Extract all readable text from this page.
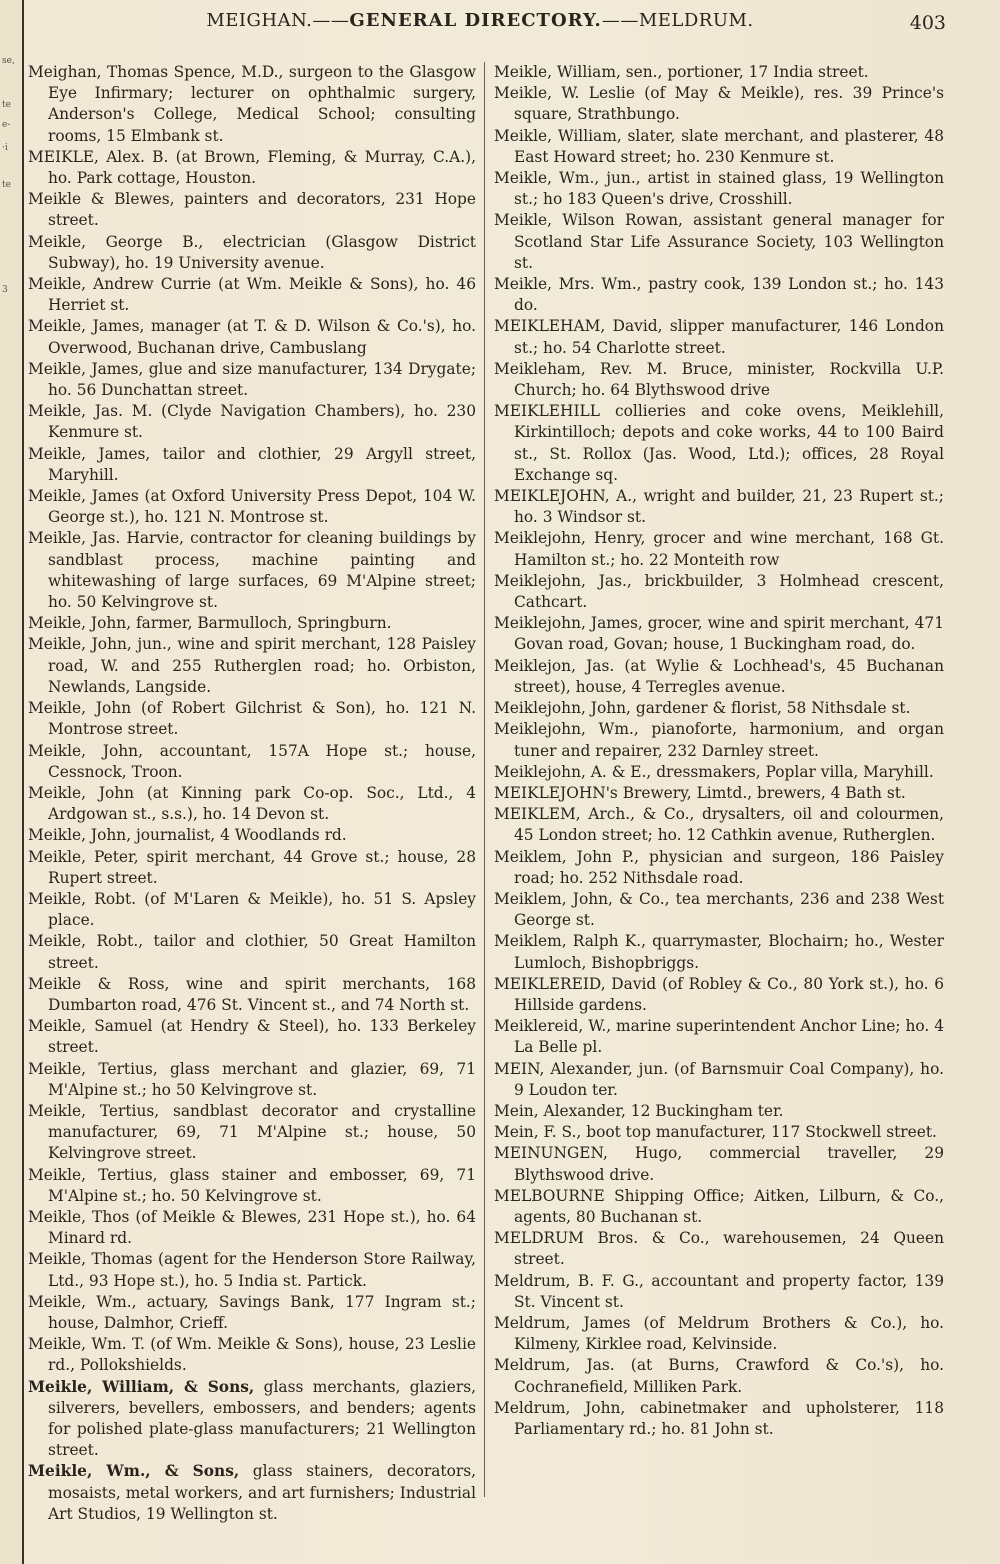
se,
te
e-
·i
te
3
MEIGHAN.——GENERAL DIRECTORY.——MELDRUM.	403

Meighan, Thomas Spence, M.D., surgeon to the Glasgow Eye Infirmary; lecturer on ophthalmic surgery, Anderson's College, Medical School; consulting rooms, 15 Elmbank st.

MEIKLE, Alex. B. (at Brown, Fleming, & Murray, C.A.), ho. Park cottage, Houston.

Meikle & Blewes, painters and decorators, 231 Hope street.

Meikle, George B., electrician (Glasgow District Subway), ho. 19 University avenue.

Meikle, Andrew Currie (at Wm. Meikle & Sons), ho. 46 Herriet st.

Meikle, James, manager (at T. & D. Wilson & Co.'s), ho. Overwood, Buchanan drive, Cambuslang

Meikle, James, glue and size manufacturer, 134 Drygate; ho. 56 Dunchattan street.

Meikle, Jas. M. (Clyde Navigation Chambers), ho. 230 Kenmure st.

Meikle, James, tailor and clothier, 29 Argyll street, Maryhill.

Meikle, James (at Oxford University Press Depot, 104 W. George st.), ho. 121 N. Montrose st.

Meikle, Jas. Harvie, contractor for cleaning buildings by sandblast process, machine painting and whitewashing of large surfaces, 69 M'Alpine street; ho. 50 Kelvingrove st.

Meikle, John, farmer, Barmulloch, Springburn.

Meikle, John, jun., wine and spirit merchant, 128 Paisley road, W. and 255 Rutherglen road; ho. Orbiston, Newlands, Langside.

Meikle, John (of Robert Gilchrist & Son), ho. 121 N. Montrose street.

Meikle, John, accountant, 157A Hope st.; house, Cessnock, Troon.

Meikle, John (at Kinning park Co-op. Soc., Ltd., 4 Ardgowan st., s.s.), ho. 14 Devon st.

Meikle, John, journalist, 4 Woodlands rd.

Meikle, Peter, spirit merchant, 44 Grove st.; house, 28 Rupert street.

Meikle, Robt. (of M'Laren & Meikle), ho. 51 S. Apsley place.

Meikle, Robt., tailor and clothier, 50 Great Hamilton street.

Meikle & Ross, wine and spirit merchants, 168 Dumbarton road, 476 St. Vincent st., and 74 North st.

Meikle, Samuel (at Hendry & Steel), ho. 133 Berkeley street.

Meikle, Tertius, glass merchant and glazier, 69, 71 M'Alpine st.; ho 50 Kelvingrove st.

Meikle, Tertius, sandblast decorator and crystalline manufacturer, 69, 71 M'Alpine st.; house, 50 Kelvingrove street.

Meikle, Tertius, glass stainer and embosser, 69, 71 M'Alpine st.; ho. 50 Kelvingrove st.

Meikle, Thos (of Meikle & Blewes, 231 Hope st.), ho. 64 Minard rd.

Meikle, Thomas (agent for the Henderson Store Railway, Ltd., 93 Hope st.), ho. 5 India st. Partick.

Meikle, Wm., actuary, Savings Bank, 177 Ingram st.; house, Dalmhor, Crieff.

Meikle, Wm. T. (of Wm. Meikle & Sons), house, 23 Leslie rd., Pollokshields.

Meikle, William, & Sons, glass merchants, glaziers, silverers, bevellers, embossers, and benders; agents for polished plate-glass manufacturers; 21 Wellington street.

Meikle, Wm., & Sons, glass stainers, decorators, mosaists, metal workers, and art furnishers; Industrial Art Studios, 19 Wellington st.

Meikle, William, sen., portioner, 17 India street.

Meikle, W. Leslie (of May & Meikle), res. 39 Prince's square, Strathbungo.

Meikle, William, slater, slate merchant, and plasterer, 48 East Howard street; ho. 230 Kenmure st.

Meikle, Wm., jun., artist in stained glass, 19 Wellington st.; ho 183 Queen's drive, Crosshill.

Meikle, Wilson Rowan, assistant general manager for Scotland Star Life Assurance Society, 103 Wellington st.

Meikle, Mrs. Wm., pastry cook, 139 London st.; ho. 143 do.

MEIKLEHAM, David, slipper manufacturer, 146 London st.; ho. 54 Charlotte street.

Meikleham, Rev. M. Bruce, minister, Rockvilla U.P. Church; ho. 64 Blythswood drive

MEIKLEHILL collieries and coke ovens, Meiklehill, Kirkintilloch; depots and coke works, 44 to 100 Baird st., St. Rollox (Jas. Wood, Ltd.); offices, 28 Royal Exchange sq.

MEIKLEJOHN, A., wright and builder, 21, 23 Rupert st.; ho. 3 Windsor st.

Meiklejohn, Henry, grocer and wine merchant, 168 Gt. Hamilton st.; ho. 22 Monteith row

Meiklejohn, Jas., brickbuilder, 3 Holmhead crescent, Cathcart.

Meiklejohn, James, grocer, wine and spirit merchant, 471 Govan road, Govan; house, 1 Buckingham road, do.

Meiklejon, Jas. (at Wylie & Lochhead's, 45 Buchanan street), house, 4 Terregles avenue.

Meiklejohn, John, gardener & florist, 58 Nithsdale st.

Meiklejohn, Wm., pianoforte, harmonium, and organ tuner and repairer, 232 Darnley street.

Meiklejohn, A. & E., dressmakers, Poplar villa, Maryhill.

MEIKLEJOHN's Brewery, Limtd., brewers, 4 Bath st.

MEIKLEM, Arch., & Co., drysalters, oil and colourmen, 45 London street; ho. 12 Cathkin avenue, Rutherglen.

Meiklem, John P., physician and surgeon, 186 Paisley road; ho. 252 Nithsdale road.

Meiklem, John, & Co., tea merchants, 236 and 238 West George st.

Meiklem, Ralph K., quarrymaster, Blochairn; ho., Wester Lumloch, Bishopbriggs.

MEIKLEREID, David (of Robley & Co., 80 York st.), ho. 6 Hillside gardens.

Meiklereid, W., marine superintendent Anchor Line; ho. 4 La Belle pl.

MEIN, Alexander, jun. (of Barnsmuir Coal Company), ho. 9 Loudon ter.

Mein, Alexander, 12 Buckingham ter.

Mein, F. S., boot top manufacturer, 117 Stockwell street.

MEINUNGEN, Hugo, commercial traveller, 29 Blythswood drive.

MELBOURNE Shipping Office; Aitken, Lilburn, & Co., agents, 80 Buchanan st.

MELDRUM Bros. & Co., warehousemen, 24 Queen street.

Meldrum, B. F. G., accountant and property factor, 139 St. Vincent st.

Meldrum, James (of Meldrum Brothers & Co.), ho. Kilmeny, Kirklee road, Kelvinside.

Meldrum, Jas. (at Burns, Crawford & Co.'s), ho. Cochranefield, Milliken Park.

Meldrum, John, cabinetmaker and upholsterer, 118 Parliamentary rd.; ho. 81 John st.
